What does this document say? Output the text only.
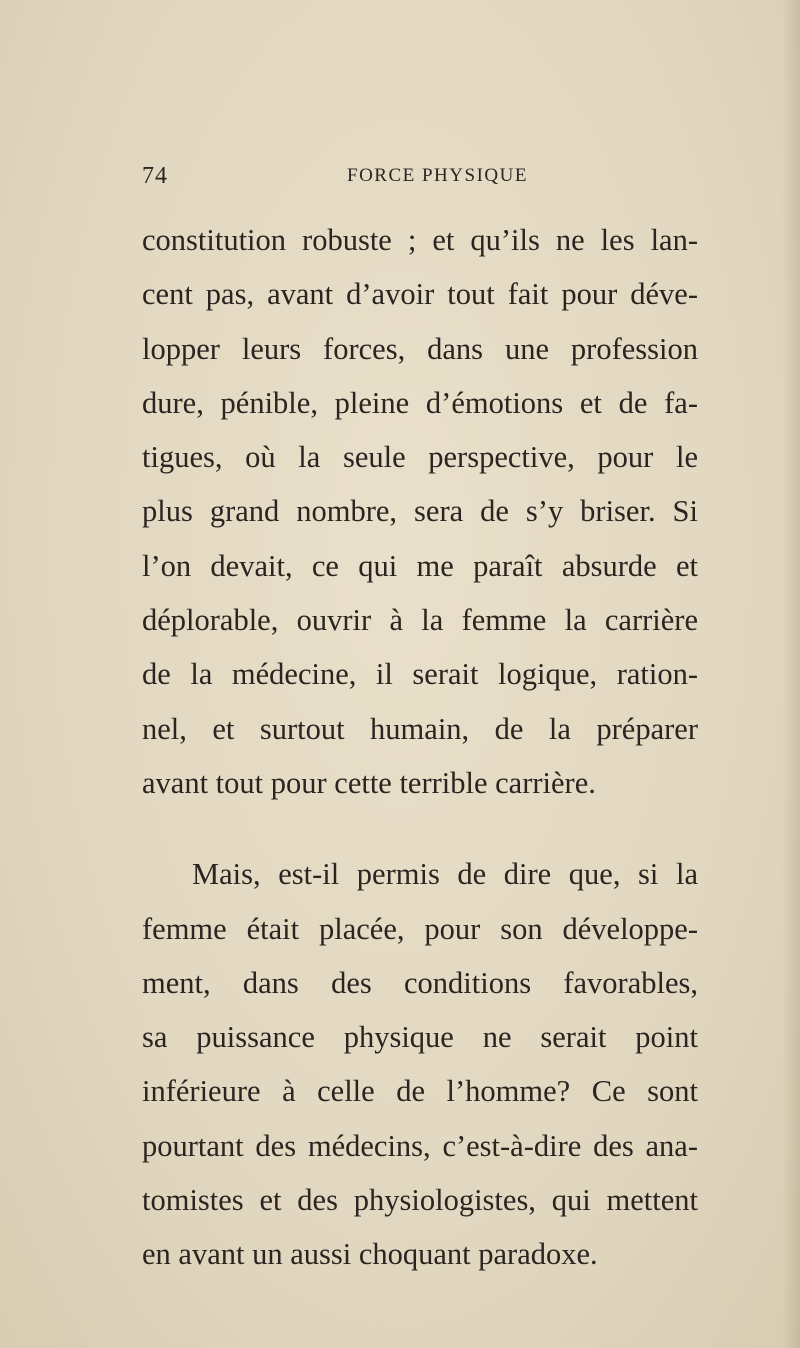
74	FORCE PHYSIQUE
constitution robuste ; et qu’ils ne les lan-
cent pas, avant d’avoir tout fait pour déve-
lopper leurs forces, dans une profession
dure, pénible, pleine d’émotions et de fa-
tigues, où la seule perspective, pour le
plus grand nombre, sera de s’y briser. Si
l’on devait, ce qui me paraît absurde et
déplorable, ouvrir à la femme la carrière
de la médecine, il serait logique, ration-
nel, et surtout humain, de la préparer
avant tout pour cette terrible carrière.
Mais, est-il permis de dire que, si la
femme était placée, pour son développe-
ment, dans des conditions favorables,
sa puissance physique ne serait point
inférieure à celle de l’homme? Ce sont
pourtant des médecins, c’est-à-dire des ana-
tomistes et des physiologistes, qui mettent
en avant un aussi choquant paradoxe.
